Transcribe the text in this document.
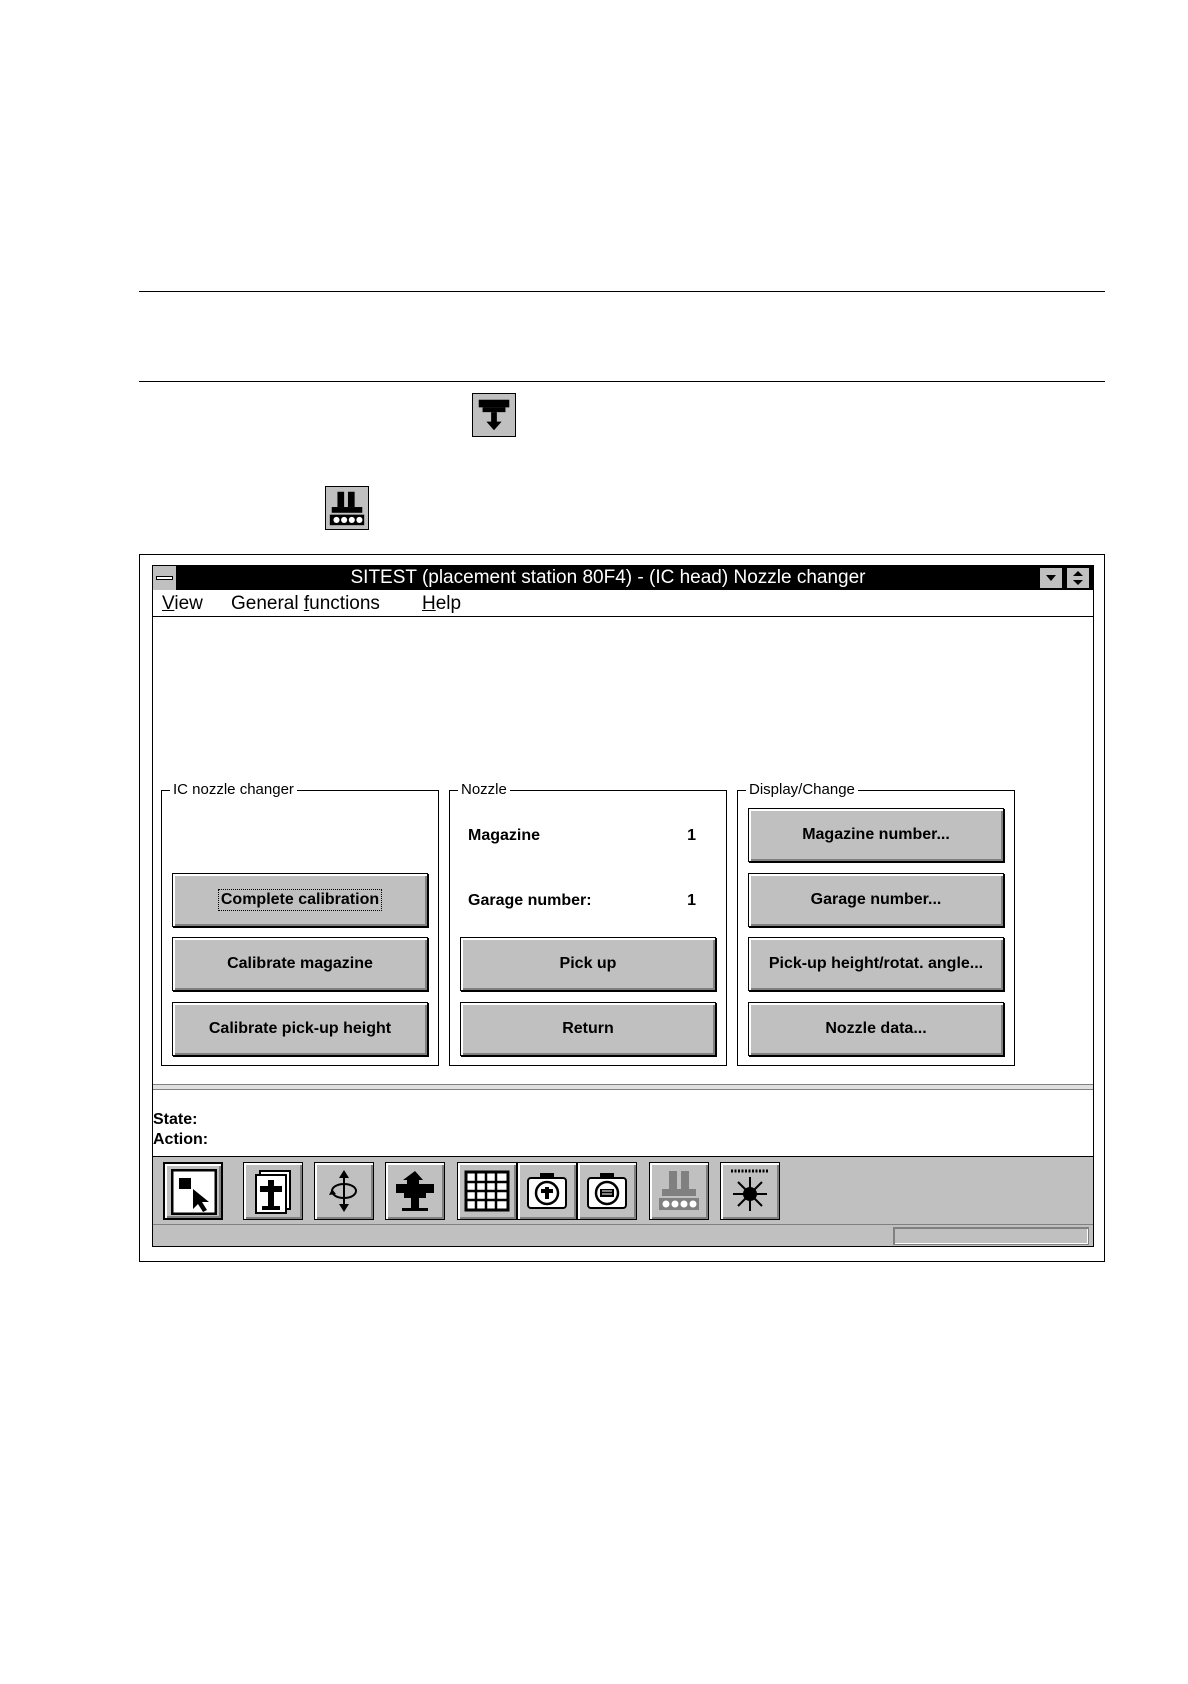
SITEST (placement station 80F4) - (IC head) Nozzle changer
View General functions Help
IC nozzle changer
Complete calibration
Calibrate magazine
Calibrate pick-up height
Nozzle
Magazine	1
Garage number:	1
Pick up
Return
Display/Change
Magazine number...
Garage number...
Pick-up height/rotat. angle...
Nozzle data...
State:
Action:
